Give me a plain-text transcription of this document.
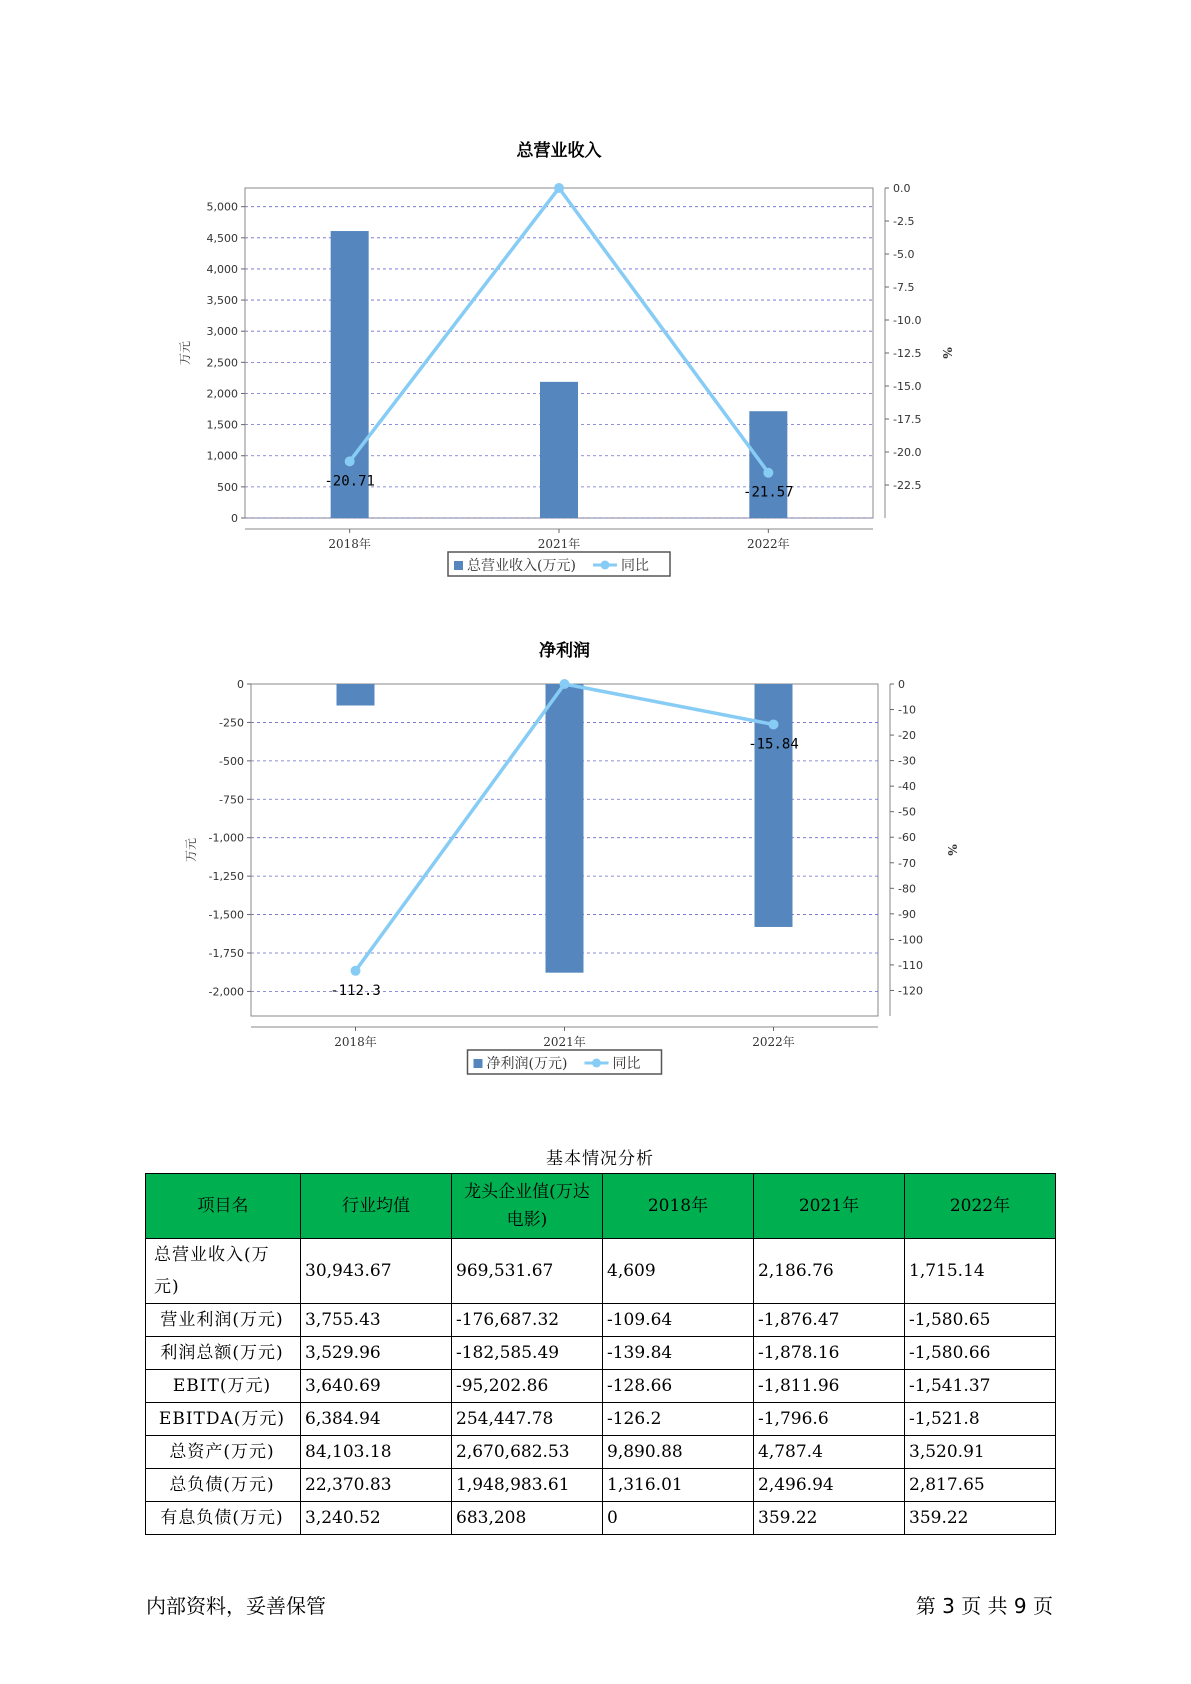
总营业收入
0
500
1,000
1,500
2,000
2,500
3,000
3,500
4,000
4,500
5,000
万元
0.0
-2.5
-5.0
-7.5
-10.0
-12.5
-15.0
-17.5
-20.0
-22.5
%
2018年	2021年	2022年
-20.71
-21.57
总营业收入(万元)	同比
净利润
0
-250
-500
-750
-1,000
-1,250
-1,500
-1,750
-2,000
万元
0
-10
-20
-30
-40
-50
-60
-70
-80
-90
-100
-110
-120
%
2018年	2021年	2022年
-112.3
-15.84
净利润(万元)	同比
基本情况分析
项目名	行业均值	龙头企业值(万达电影)	2018年	2021年	2022年
总营业收入(万元)	30,943.67	969,531.67	4,609	2,186.76	1,715.14
营业利润(万元)	3,755.43	-176,687.32	-109.64	-1,876.47	-1,580.65
利润总额(万元)	3,529.96	-182,585.49	-139.84	-1,878.16	-1,580.66
EBIT(万元)	3,640.69	-95,202.86	-128.66	-1,811.96	-1,541.37
EBITDA(万元)	6,384.94	254,447.78	-126.2	-1,796.6	-1,521.8
总资产(万元)	84,103.18	2,670,682.53	9,890.88	4,787.4	3,520.91
总负债(万元)	22,370.83	1,948,983.61	1,316.01	2,496.94	2,817.65
有息负债(万元)	3,240.52	683,208	0	359.22	359.22
内部资料，妥善保管	第 3 页 共 9 页
